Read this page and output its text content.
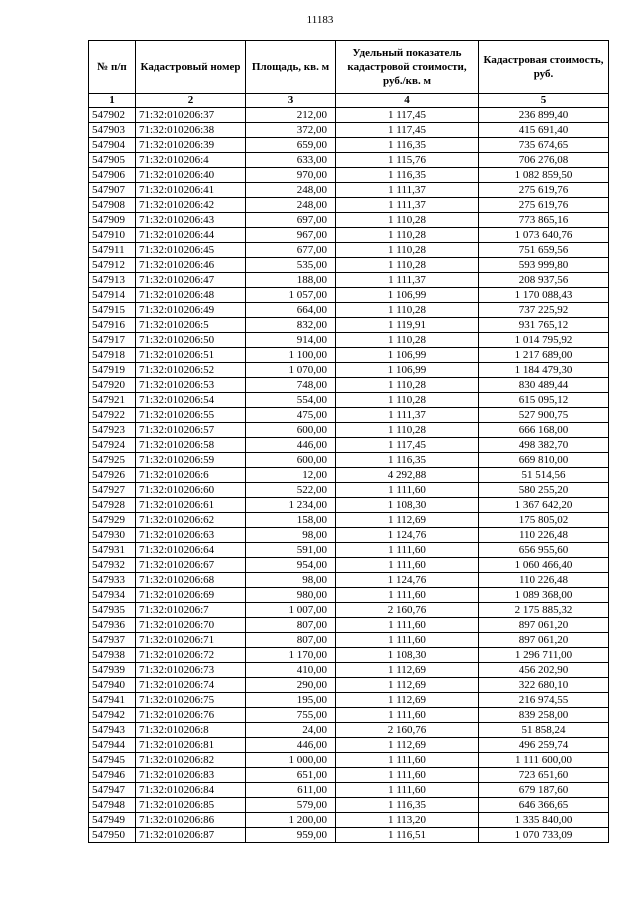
11183
№ п/п	Кадастровый номер	Площадь, кв. м	Удельный показатель кадастровой стоимости, руб./кв. м	Кадастровая стоимость, руб.
1	2	3	4	5
547902	71:32:010206:37	212,00	1 117,45	236 899,40
547903	71:32:010206:38	372,00	1 117,45	415 691,40
547904	71:32:010206:39	659,00	1 116,35	735 674,65
547905	71:32:010206:4	633,00	1 115,76	706 276,08
547906	71:32:010206:40	970,00	1 116,35	1 082 859,50
547907	71:32:010206:41	248,00	1 111,37	275 619,76
547908	71:32:010206:42	248,00	1 111,37	275 619,76
547909	71:32:010206:43	697,00	1 110,28	773 865,16
547910	71:32:010206:44	967,00	1 110,28	1 073 640,76
547911	71:32:010206:45	677,00	1 110,28	751 659,56
547912	71:32:010206:46	535,00	1 110,28	593 999,80
547913	71:32:010206:47	188,00	1 111,37	208 937,56
547914	71:32:010206:48	1 057,00	1 106,99	1 170 088,43
547915	71:32:010206:49	664,00	1 110,28	737 225,92
547916	71:32:010206:5	832,00	1 119,91	931 765,12
547917	71:32:010206:50	914,00	1 110,28	1 014 795,92
547918	71:32:010206:51	1 100,00	1 106,99	1 217 689,00
547919	71:32:010206:52	1 070,00	1 106,99	1 184 479,30
547920	71:32:010206:53	748,00	1 110,28	830 489,44
547921	71:32:010206:54	554,00	1 110,28	615 095,12
547922	71:32:010206:55	475,00	1 111,37	527 900,75
547923	71:32:010206:57	600,00	1 110,28	666 168,00
547924	71:32:010206:58	446,00	1 117,45	498 382,70
547925	71:32:010206:59	600,00	1 116,35	669 810,00
547926	71:32:010206:6	12,00	4 292,88	51 514,56
547927	71:32:010206:60	522,00	1 111,60	580 255,20
547928	71:32:010206:61	1 234,00	1 108,30	1 367 642,20
547929	71:32:010206:62	158,00	1 112,69	175 805,02
547930	71:32:010206:63	98,00	1 124,76	110 226,48
547931	71:32:010206:64	591,00	1 111,60	656 955,60
547932	71:32:010206:67	954,00	1 111,60	1 060 466,40
547933	71:32:010206:68	98,00	1 124,76	110 226,48
547934	71:32:010206:69	980,00	1 111,60	1 089 368,00
547935	71:32:010206:7	1 007,00	2 160,76	2 175 885,32
547936	71:32:010206:70	807,00	1 111,60	897 061,20
547937	71:32:010206:71	807,00	1 111,60	897 061,20
547938	71:32:010206:72	1 170,00	1 108,30	1 296 711,00
547939	71:32:010206:73	410,00	1 112,69	456 202,90
547940	71:32:010206:74	290,00	1 112,69	322 680,10
547941	71:32:010206:75	195,00	1 112,69	216 974,55
547942	71:32:010206:76	755,00	1 111,60	839 258,00
547943	71:32:010206:8	24,00	2 160,76	51 858,24
547944	71:32:010206:81	446,00	1 112,69	496 259,74
547945	71:32:010206:82	1 000,00	1 111,60	1 111 600,00
547946	71:32:010206:83	651,00	1 111,60	723 651,60
547947	71:32:010206:84	611,00	1 111,60	679 187,60
547948	71:32:010206:85	579,00	1 116,35	646 366,65
547949	71:32:010206:86	1 200,00	1 113,20	1 335 840,00
547950	71:32:010206:87	959,00	1 116,51	1 070 733,09
